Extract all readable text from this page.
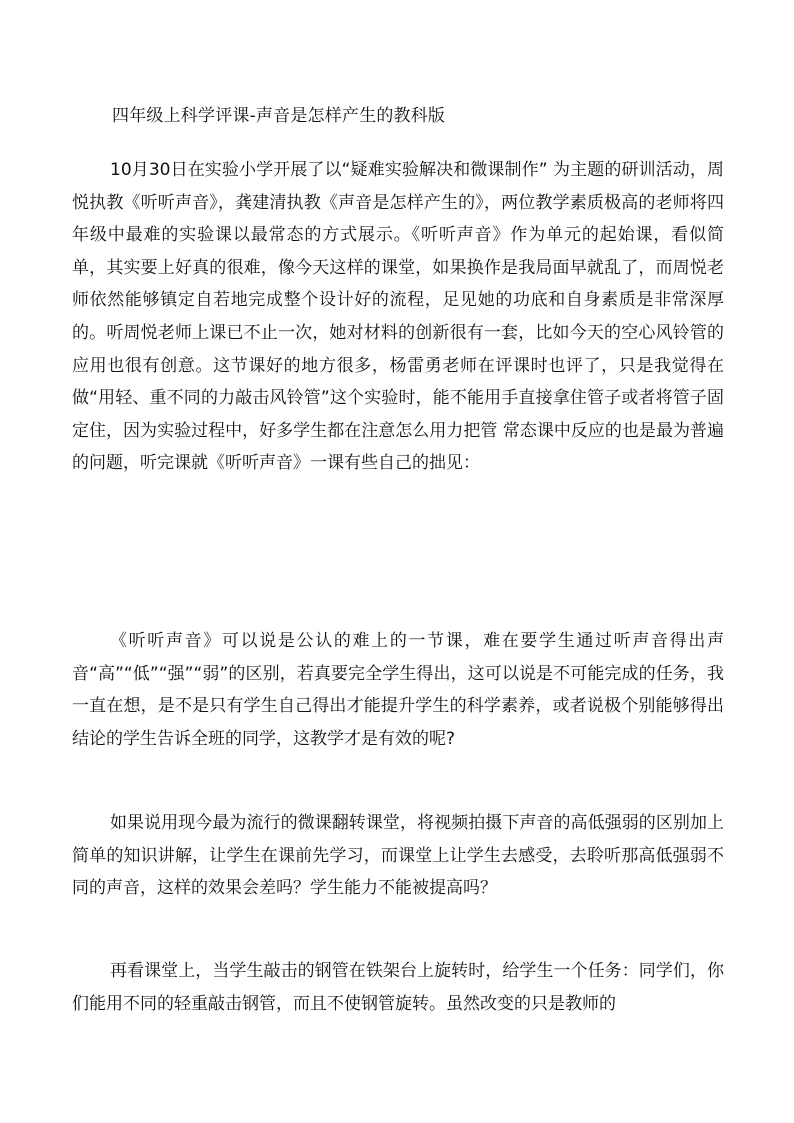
四年级上科学评课-声音是怎样产生的教科版

10月30日在实验小学开展了以“疑难实验解决和微课制作” 为主题的研训活动，周悦执教《听听声音》，龚建清执教《声音是怎样产生的》，两位教学素质极高的老师将四年级中最难的实验课以最常态的方式展示。《听听声音》作为单元的起始课，看似简单，其实要上好真的很难，像今天这样的课堂，如果换作是我局面早就乱了，而周悦老师依然能够镇定自若地完成整个设计好的流程，足见她的功底和自身素质是非常深厚的。听周悦老师上课已不止一次，她对材料的创新很有一套，比如今天的空心风铃管的应用也很有创意。这节课好的地方很多，杨雷勇老师在评课时也评了，只是我觉得在做“用轻、重不同的力敲击风铃管”这个实验时，能不能用手直接拿住管子或者将管子固定住，因为实验过程中，好多学生都在注意怎么用力把管 常态课中反应的也是最为普遍的问题，听完课就《听听声音》一课有些自己的拙见：

《听听声音》可以说是公认的难上的一节课，难在要学生通过听声音得出声音“高”“低”“强”“弱”的区别，若真要完全学生得出，这可以说是不可能完成的任务，我一直在想，是不是只有学生自己得出才能提升学生的科学素养，或者说极个别能够得出结论的学生告诉全班的同学，这教学才是有效的呢?

如果说用现今最为流行的微课翻转课堂，将视频拍摄下声音的高低强弱的区别加上简单的知识讲解，让学生在课前先学习，而课堂上让学生去感受，去聆听那高低强弱不同的声音，这样的效果会差吗？学生能力不能被提高吗？

再看课堂上，当学生敲击的钢管在铁架台上旋转时，给学生一个任务：同学们，你们能用不同的轻重敲击钢管，而且不使钢管旋转。虽然改变的只是教师的
